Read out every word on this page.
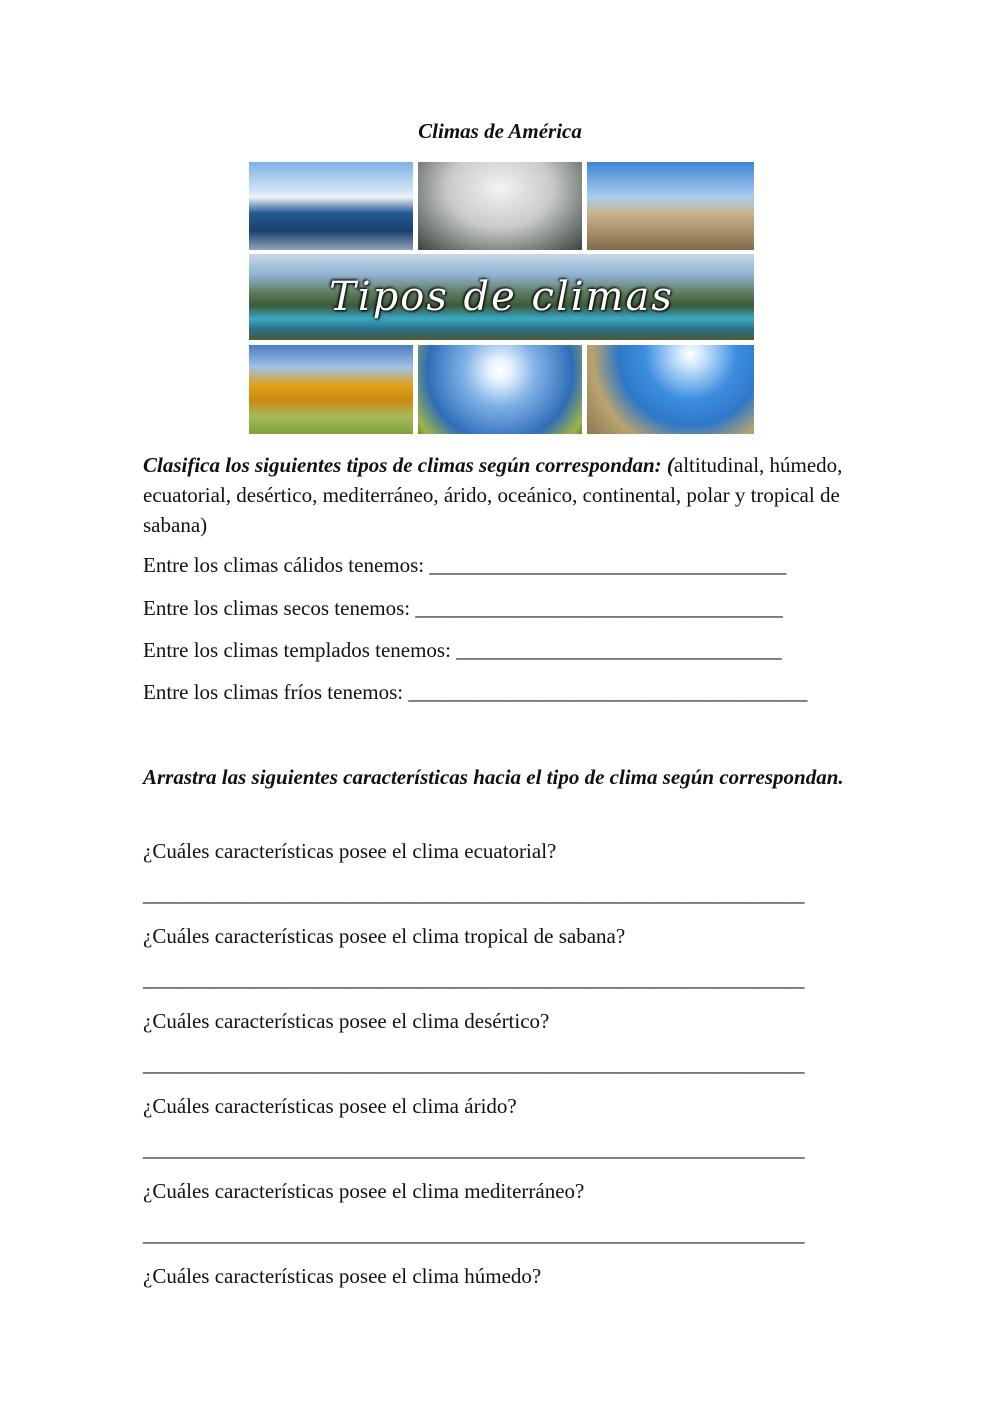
Climas de América
Tipos de climas
Clasifica los siguientes tipos de climas según correspondan: (altitudinal, húmedo, ecuatorial, desértico, mediterráneo, árido, oceánico, continental, polar y tropical de sabana)
Entre los climas cálidos tenemos: __________________________________
Entre los climas secos tenemos: ___________________________________
Entre los climas templados tenemos: _______________________________
Entre los climas fríos tenemos: ______________________________________
Arrastra las siguientes características hacia el tipo de clima según correspondan.
¿Cuáles características posee el clima ecuatorial?
_______________________________________________________________
¿Cuáles características posee el clima tropical de sabana?
_______________________________________________________________
¿Cuáles características posee el clima desértico?
_______________________________________________________________
¿Cuáles características posee el clima árido?
_______________________________________________________________
¿Cuáles características posee el clima mediterráneo?
_______________________________________________________________
¿Cuáles características posee el clima húmedo?
